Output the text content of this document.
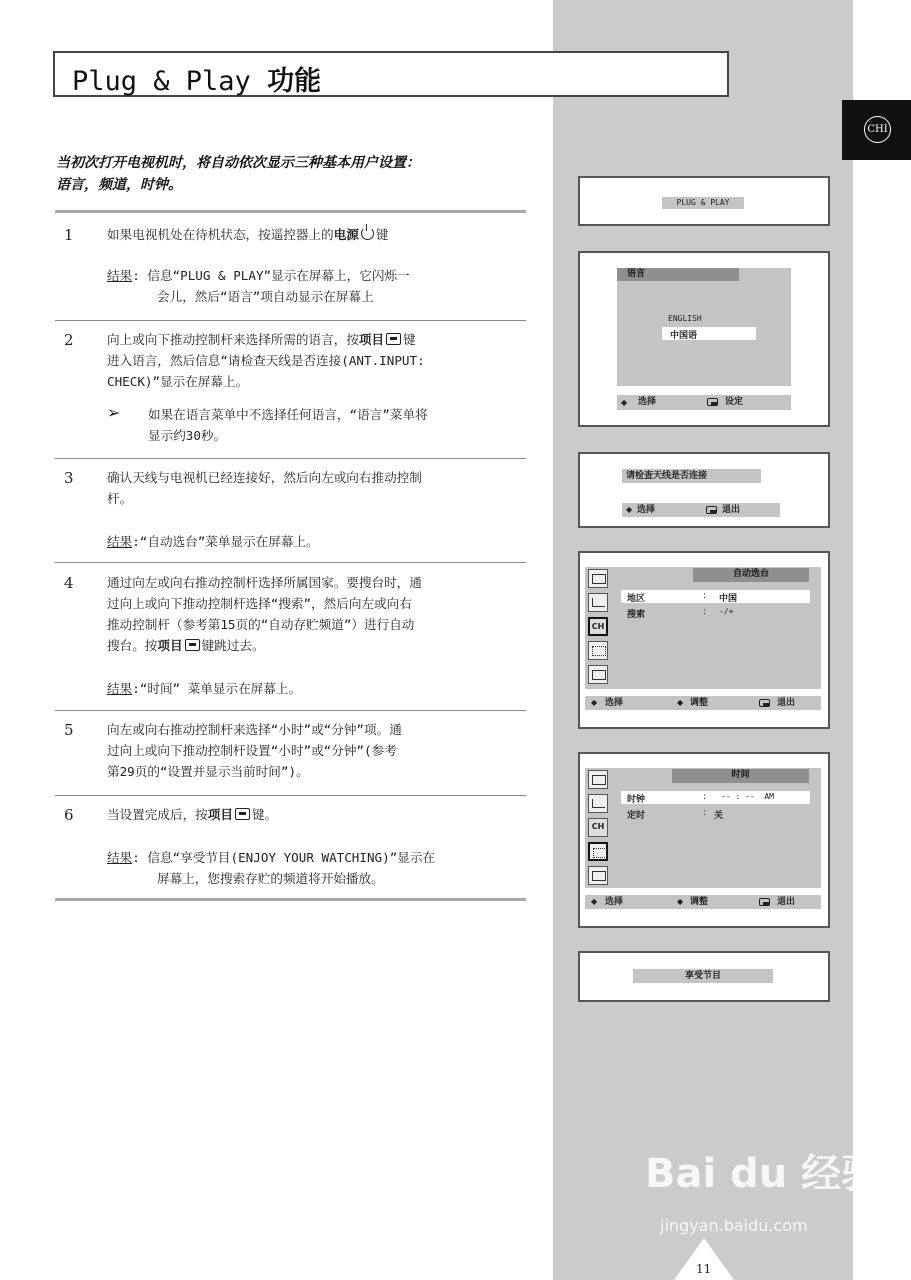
CHI
Plug & Play 功能
当初次打开电视机时，将自动依次显示三种基本用户设置：
语言，频道，时钟。
1	如果电视机处在待机状态，按遥控器上的电源 键
结果: 信息“PLUG & PLAY”显示在屏幕上，它闪烁一
会儿，然后“语言”项自动显示在屏幕上
2	向上或向下推动控制杆来选择所需的语言，按项目 键
进入语言，然后信息“请检查天线是否连接(ANT.INPUT:
CHECK)”显示在屏幕上。
➢ 如果在语言菜单中不选择任何语言，“语言”菜单将
显示约30秒。
3	确认天线与电视机已经连接好，然后向左或向右推动控制
杆。
结果:“自动选台”菜单显示在屏幕上。
4	通过向左或向右推动控制杆选择所属国家。要搜台时，通
过向上或向下推动控制杆选择“搜索”，然后向左或向右
推动控制杆（参考第15页的“自动存贮频道”）进行自动
搜台。按项目 键跳过去。
结果:“时间” 菜单显示在屏幕上。
5	向左或向右推动控制杆来选择“小时”或“分钟”项。通
过向上或向下推动控制杆设置“小时”或“分钟”(参考
第29页的“设置并显示当前时间”)。
6	当设置完成后，按项目 键。
结果: 信息“享受节目(ENJOY YOUR WATCHING)”显示在
屏幕上，您搜索存贮的频道将开始播放。
PLUG & PLAY
语言
ENGLISH
中国语
◆ 选择	设定
请检查天线是否连接
◆ 选择	退出
CH
自动选台
地区	: 中国
搜索	: -/+
◆ 选择	◆ 调整	退出
CH
时间
时钟	: -- : --  AM
定时	: 关
◆ 选择	◆ 调整	退出
享受节目
Bai du 经验
jingyan.baidu.com
11
